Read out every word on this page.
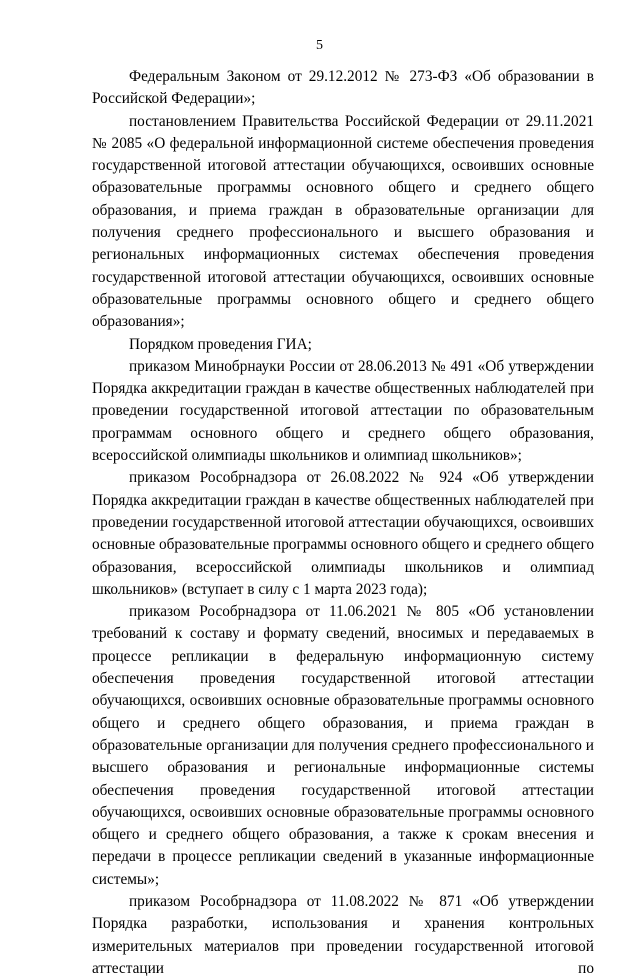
5

Федеральным Законом от 29.12.2012 № 273-ФЗ «Об образовании в Российской Федерации»;

постановлением Правительства Российской Федерации от 29.11.2021 № 2085 «О федеральной информационной системе обеспечения проведения государственной итоговой аттестации обучающихся, освоивших основные образовательные программы основного общего и среднего общего образования, и приема граждан в образовательные организации для получения среднего профессионального и высшего образования и региональных информационных системах обеспечения проведения государственной итоговой аттестации обучающихся, освоивших основные образовательные программы основного общего и среднего общего образования»;

Порядком проведения ГИА;

приказом Минобрнауки России от 28.06.2013 № 491 «Об утверждении Порядка аккредитации граждан в качестве общественных наблюдателей при проведении государственной итоговой аттестации по образовательным программам основного общего и среднего общего образования, всероссийской олимпиады школьников и олимпиад школьников»;

приказом Рособрнадзора от 26.08.2022 № 924 «Об утверждении Порядка аккредитации граждан в качестве общественных наблюдателей при проведении государственной итоговой аттестации обучающихся, освоивших основные образовательные программы основного общего и среднего общего образования, всероссийской олимпиады школьников и олимпиад школьников» (вступает в силу с 1 марта 2023 года);

приказом Рособрнадзора от 11.06.2021 № 805 «Об установлении требований к составу и формату сведений, вносимых и передаваемых в процессе репликации в федеральную информационную систему обеспечения проведения государственной итоговой аттестации обучающихся, освоивших основные образовательные программы основного общего и среднего общего образования, и приема граждан в образовательные организации для получения среднего профессионального и высшего образования и региональные информационные системы обеспечения проведения государственной итоговой аттестации обучающихся, освоивших основные образовательные программы основного общего и среднего общего образования, а также к срокам внесения и передачи в процессе репликации сведений в указанные информационные системы»;

приказом Рособрнадзора от 11.08.2022 № 871 «Об утверждении Порядка разработки, использования и хранения контрольных измерительных материалов при проведении государственной итоговой аттестации по
